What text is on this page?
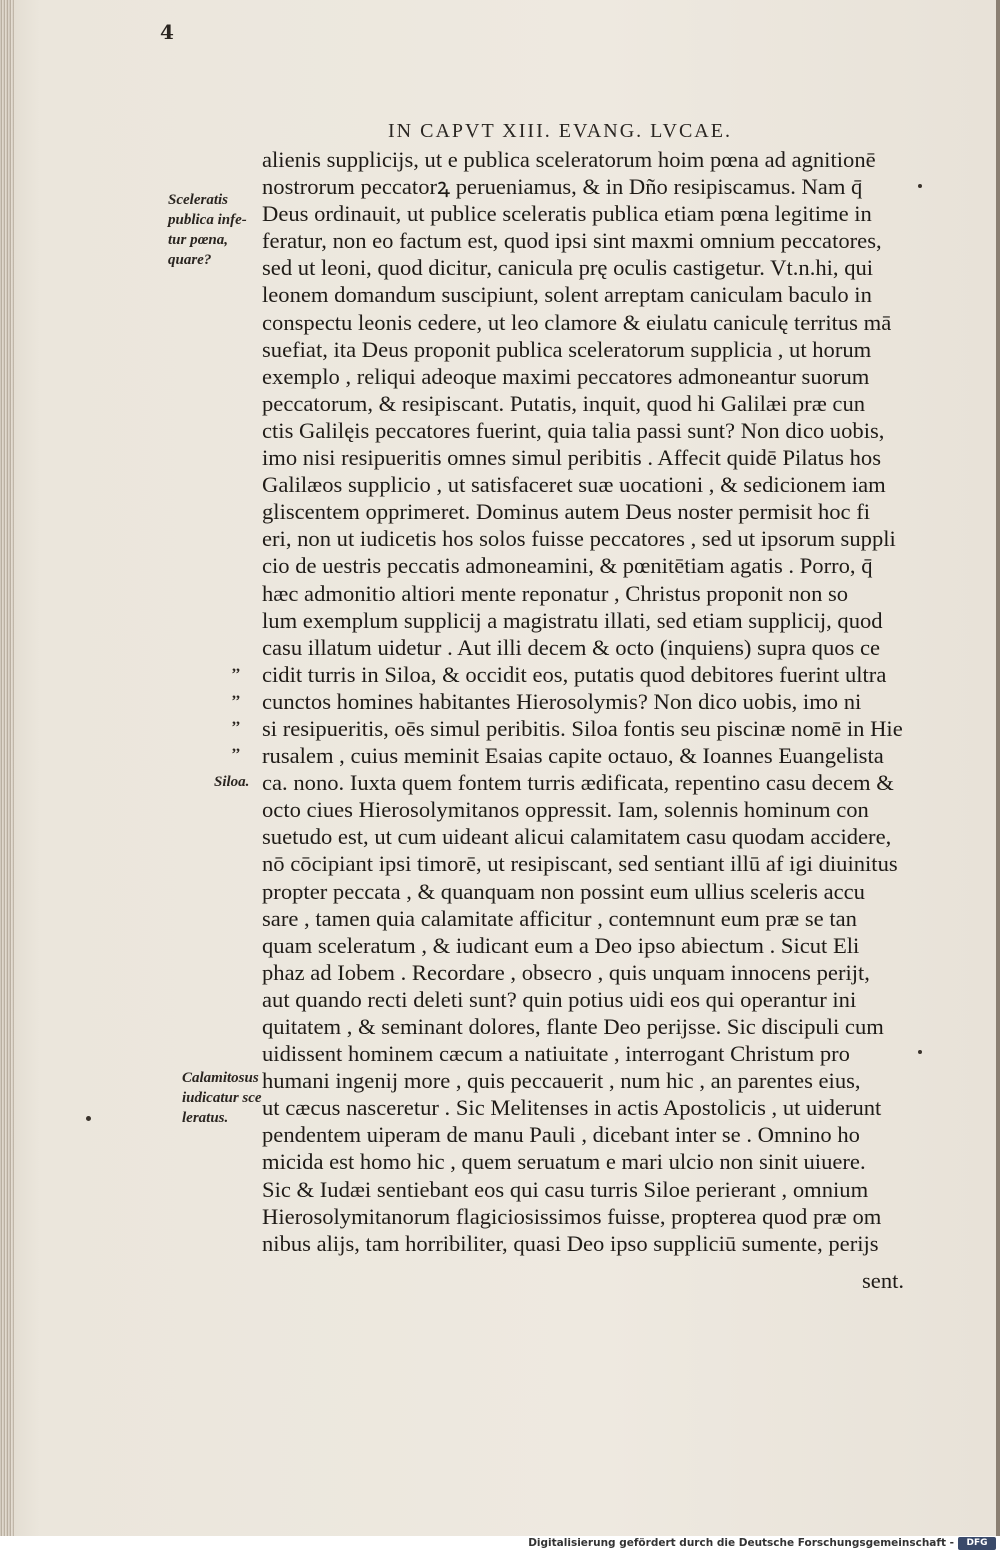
4
IN CAPVT XIII. EVANG. LVCAE.
Sceleratis
publica infe-
tur pœna,
quare?
Siloa.
Calamitosus
iudicatur sce
leratus.
,,
,,
,,
,,
alienis supplicijs, ut e publica sceleratorum hoim pœna ad agnitionē
nostrorum peccatorꝝ perueniamus, & in Dño resipiscamus. Nam q̄
Deus ordinauit, ut publice sceleratis publica etiam pœna legitime in
feratur, non eo factum est, quod ipsi sint maxmi omnium peccatores,
sed ut leoni, quod dicitur, canicula prę oculis castigetur. Vt.n.hi, qui
leonem domandum suscipiunt, solent arreptam caniculam baculo in
conspectu leonis cedere, ut leo clamore & eiulatu caniculę territus mā
suefiat, ita Deus proponit publica sceleratorum supplicia , ut horum
exemplo , reliqui adeoque maximi peccatores admoneantur suorum
peccatorum, & resipiscant. Putatis, inquit, quod hi Galilæi præ cun
ctis Galilęis peccatores fuerint, quia talia passi sunt? Non dico uobis,
imo nisi resipueritis omnes simul peribitis . Affecit quidē Pilatus hos
Galilæos supplicio , ut satisfaceret suæ uocationi , & sedicionem iam
gliscentem opprimeret. Dominus autem Deus noster permisit hoc fi
eri, non ut iudicetis hos solos fuisse peccatores , sed ut ipsorum suppli
cio de uestris peccatis admoneamini, & pœnitētiam agatis . Porro, q̄
hæc admonitio altiori mente reponatur , Christus proponit non so
lum exemplum supplicij a magistratu illati, sed etiam supplicij, quod
casu illatum uidetur . Aut illi decem & octo (inquiens) supra quos ce
cidit turris in Siloa, & occidit eos, putatis quod debitores fuerint ultra
cunctos homines habitantes Hierosolymis? Non dico uobis, imo ni
si resipueritis, oēs simul peribitis. Siloa fontis seu piscinæ nomē in Hie
rusalem , cuius meminit Esaias capite octauo, & Ioannes Euangelista
ca. nono. Iuxta quem fontem turris ædificata, repentino casu decem &
octo ciues Hierosolymitanos oppressit. Iam, solennis hominum con
suetudo est, ut cum uideant alicui calamitatem casu quodam accidere,
nō cōcipiant ipsi timorē, ut resipiscant, sed sentiant illū af igi diuinitus
propter peccata , & quanquam non possint eum ullius sceleris accu
sare , tamen quia calamitate afficitur , contemnunt eum præ se tan
quam sceleratum , & iudicant eum a Deo ipso abiectum . Sicut Eli
phaz ad Iobem . Recordare , obsecro , quis unquam innocens perijt,
aut quando recti deleti sunt? quin potius uidi eos qui operantur ini
quitatem , & seminant dolores, flante Deo perijsse. Sic discipuli cum
uidissent hominem cæcum a natiuitate , interrogant Christum pro
humani ingenij more , quis peccauerit , num hic , an parentes eius,
ut cæcus nasceretur . Sic Melitenses in actis Apostolicis , ut uiderunt
pendentem uiperam de manu Pauli , dicebant inter se . Omnino ho
micida est homo hic , quem seruatum e mari ulcio non sinit uiuere.
Sic & Iudæi sentiebant eos qui casu turris Siloe perierant , omnium
Hierosolymitanorum flagiciosissimos fuisse, propterea quod præ om
nibus alijs, tam horribiliter, quasi Deo ipso suppliciū sumente, perijs
sent.
Digitalisierung gefördert durch die Deutsche Forschungsgemeinschaft -	DFG
